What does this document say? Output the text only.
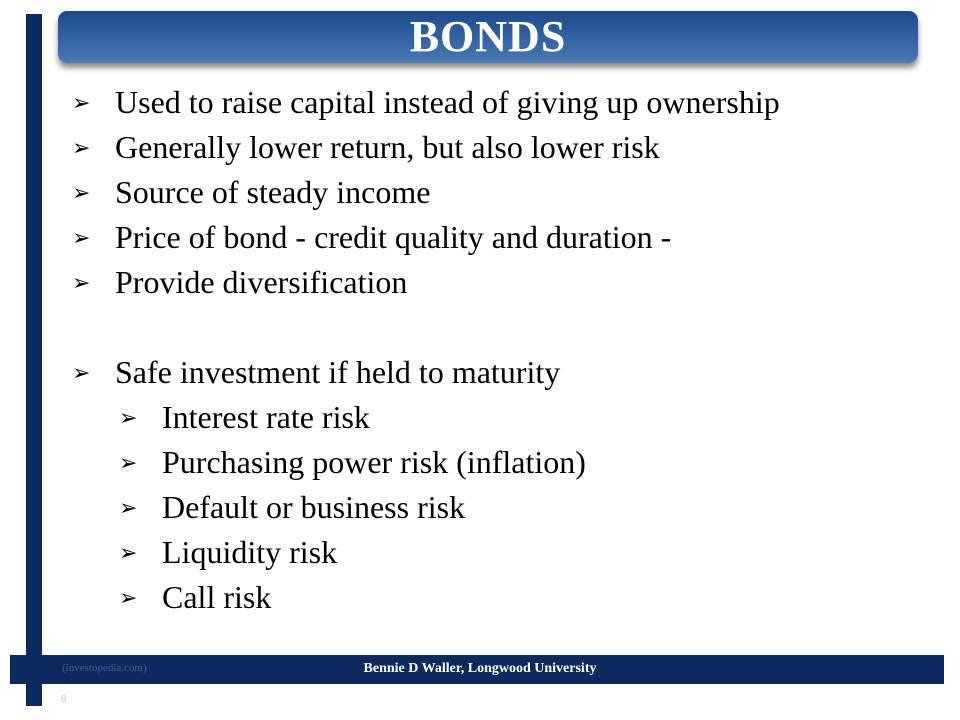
BONDS
➢ Used to raise capital instead of giving up ownership
➢ Generally lower return, but also lower risk
➢ Source of steady income
➢ Price of bond - credit quality and duration -
➢ Provide diversification
➢ Safe investment if held to maturity
➢ Interest rate risk
➢ Purchasing power risk (inflation)
➢ Default or business risk
➢ Liquidity risk
➢ Call risk
(investopedia.com)	Bennie D Waller, Longwood University
8
